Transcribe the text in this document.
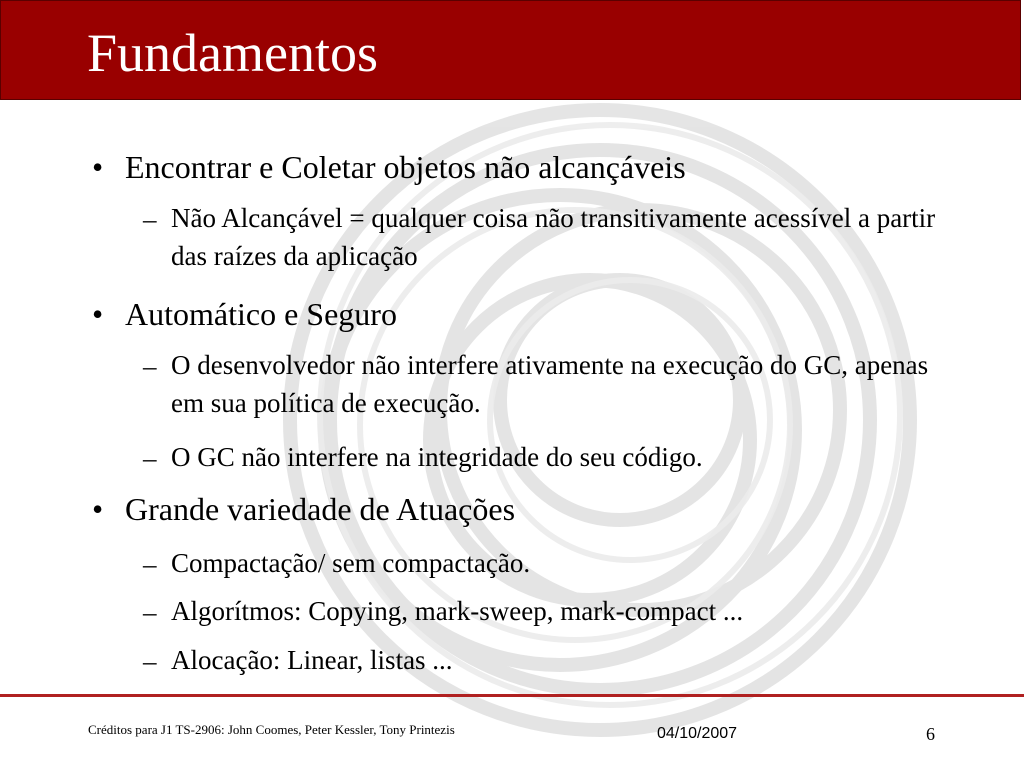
Fundamentos
• Encontrar e Coletar objetos não alcançáveis
– Não Alcançável = qualquer coisa não transitivamente acessível a partir das raízes da aplicação
• Automático e Seguro
– O desenvolvedor não interfere ativamente na execução do GC, apenas em sua política de execução.
– O GC não interfere na integridade do seu código.
• Grande variedade de Atuações
– Compactação/ sem compactação.
– Algorítmos: Copying, mark-sweep, mark-compact ...
– Alocação: Linear, listas ...
Créditos para J1 TS-2906: John Coomes, Peter Kessler, Tony Printezis	04/10/2007	6
